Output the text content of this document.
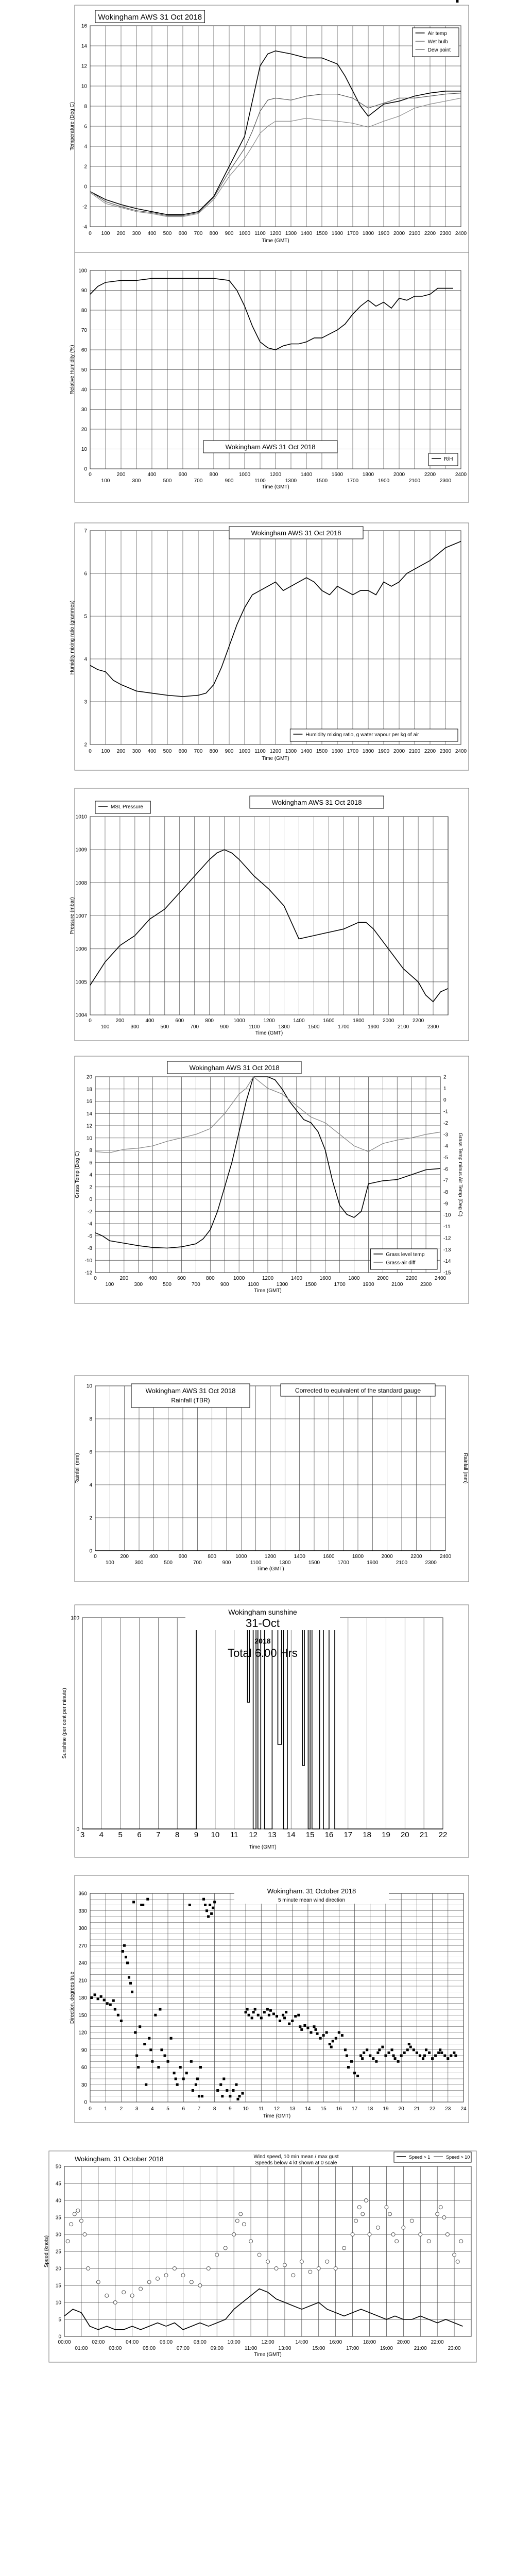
-4
-2
0
2
4
6
8
10
12
14
16
0 100 200 300 400 500 600 700 800 900 1000 1100 1200 1300 1400 1500 1600 1700 1800 1900 2000 2100 2200 2300 2400
Time (GMT)
Temperature (Deg C)
Wokingham AWS 31 Oct 2018
Air temp
Wet bulb
Dew point
0
10
20
30
40
50
60
70
80
90
100
0	200	400	600	800	1000	1200	1400	1600	1800	2000	2200	2400
100	300	500	700	900	1100	1300	1500	1700	1900	2100	2300
Time (GMT)
Relative Humidity (%)
Wokingham AWS 31 Oct 2018
R/H
2
3
4
5
6
7
0 100 200 300 400 500 600 700 800 900 1000 1100 1200 1300 1400 1500 1600 1700 1800 1900 2000 2100 2200 2300 2400
Time (GMT)
Humidity mixing ratio (grammes)
Wokingham AWS 31 Oct 2018
Humidity mixing ratio, g water vapour per kg of air
1004
1005
1006
1007
1008
1009
1010
0	200	400	600	800	1000	1200	1400	1600	1800	2000	2200
100	300	500	700	900	1100	1300	1500	1700	1900	2100	2300
Time (GMT)
Pressure (mbar)
Wokingham AWS 31 Oct 2018
MSL Pressure
-12
-10
-8
-6
-4
-2
0
2
4
6
8
10
12
14
16
18
20
0	200	400	600	800	1000	1200	1400	1600	1800	2000	2200	2400
100	300	500	700	900	1100	1300	1500	1700	1900	2100	2300
Time (GMT)
Grass Temp (Deg C)	Grass Temp minus Air Temp (Deg C)
-15
-14
-13
-12
-11
-10
-9
-8
-7
-6
-5
-4
-3
-2
-1
0
1
2
Wokingham AWS 31 Oct 2018
Grass level temp
Grass-air diff
0
2
4
6
8
10
0	200	400	600	800	1000	1200	1400	1600	1800	2000	2200	2400
100	300	500	700	900	1100	1300	1500	1700	1900	2100	2300
Time (GMT)
Rainfall (mm)	Rainfall (mm)
Wokingham AWS 31 Oct 2018
Rainfall (TBR)
Corrected to equivalent of the standard gauge
0
100
3 4 5 6 7 8 9 10 11 12 13 14 15 16 17 18 19 20 21 22
Time (GMT)
Sunshine (per cent per minute)
Wokingham sunshine
31-Oct
2018
Total 6.00 Hrs
0
30
60
90
120
150
180
210
240
270
300
330
360
0 1 2 3 4 5 6 7 8 9 10 11 12 13 14 15 16 17 18 19 20 21 22 23 24
Time (GMT)
Direction, degrees true
Wokingham. 31 October 2018
5 minute mean wind direction
0
5
10
15
20
25
30
35
40
45
50
00:00	02:00	04:00	06:00	08:00	10:00	12:00	14:00	16:00	18:00	20:00	22:00
01:00	03:00	05:00	07:00	09:00	11:00	13:00	15:00	17:00	19:00	21:00	23:00
Time (GMT)
Speed (knots)
Wokingham, 31 October 2018	Wind speed, 10 min mean / max gust
Speeds below 4 kt shown at 0 scale
Speed > 1	Speed > 10
